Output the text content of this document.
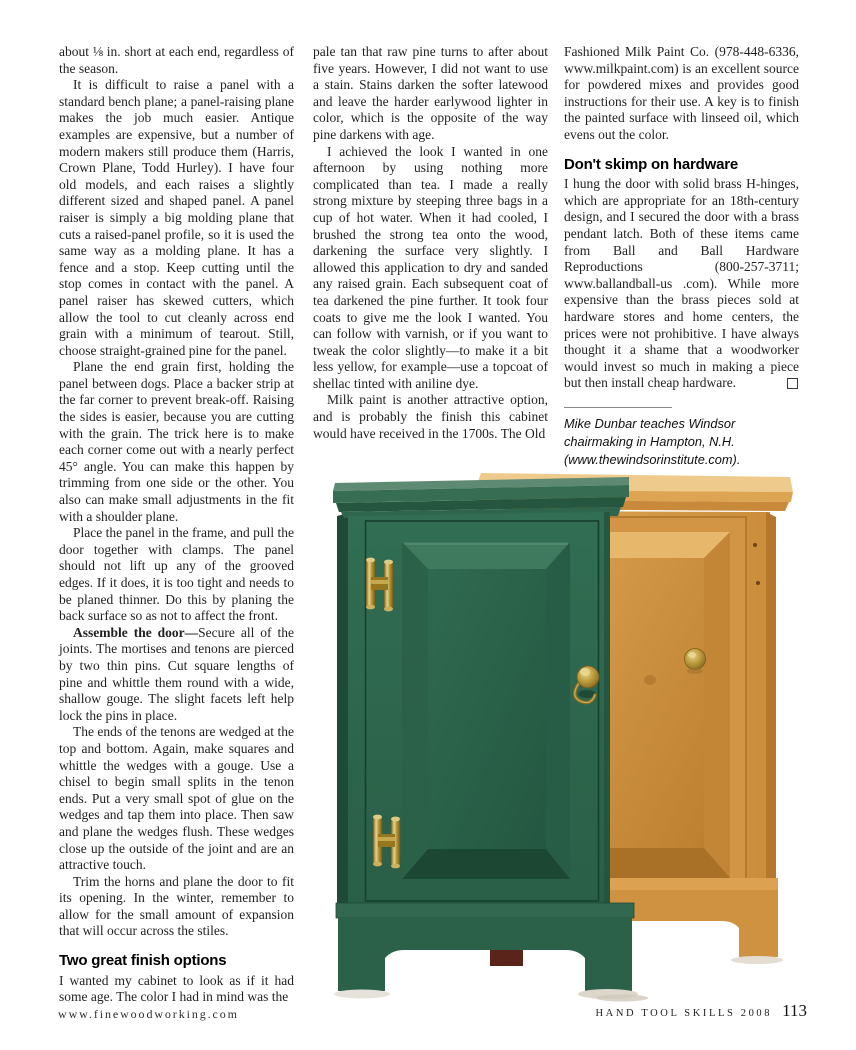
about ⅛ in. short at each end, regardless of the season.

It is difficult to raise a panel with a standard bench plane; a panel-raising plane makes the job much easier. Antique examples are expensive, but a number of modern makers still produce them (Harris, Crown Plane, Todd Hurley). I have four old models, and each raises a slightly different sized and shaped panel. A panel raiser is simply a big molding plane that cuts a raised-panel profile, so it is used the same way as a molding plane. It has a fence and a stop. Keep cutting until the stop comes in contact with the panel. A panel raiser has skewed cutters, which allow the tool to cut cleanly across end grain with a minimum of tearout. Still, choose straight-grained pine for the panel.

Plane the end grain first, holding the panel between dogs. Place a backer strip at the far corner to prevent break-off. Raising the sides is easier, because you are cutting with the grain. The trick here is to make each corner come out with a nearly perfect 45° angle. You can make this happen by trimming from one side or the other. You also can make small adjustments in the fit with a shoulder plane.

Place the panel in the frame, and pull the door together with clamps. The panel should not lift up any of the grooved edges. If it does, it is too tight and needs to be planed thinner. Do this by planing the back surface so as not to affect the front.

Assemble the door—Secure all of the joints. The mortises and tenons are pierced by two thin pins. Cut square lengths of pine and whittle them round with a wide, shallow gouge. The slight facets left help lock the pins in place.

The ends of the tenons are wedged at the top and bottom. Again, make squares and whittle the wedges with a gouge. Use a chisel to begin small splits in the tenon ends. Put a very small spot of glue on the wedges and tap them into place. Then saw and plane the wedges flush. These wedges close up the outside of the joint and are an attractive touch.

Trim the horns and plane the door to fit its opening. In the winter, remember to allow for the small amount of expansion that will occur across the stiles.

Two great finish options

I wanted my cabinet to look as if it had some age. The color I had in mind was the

pale tan that raw pine turns to after about five years. However, I did not want to use a stain. Stains darken the softer latewood and leave the harder earlywood lighter in color, which is the opposite of the way pine darkens with age.

I achieved the look I wanted in one afternoon by using nothing more complicated than tea. I made a really strong mixture by steeping three bags in a cup of hot water. When it had cooled, I brushed the strong tea onto the wood, darkening the surface very slightly. I allowed this application to dry and sanded any raised grain. Each subsequent coat of tea darkened the pine further. It took four coats to give me the look I wanted. You can follow with varnish, or if you want to tweak the color slightly—to make it a bit less yellow, for example—use a topcoat of shellac tinted with aniline dye.

Milk paint is another attractive option, and is probably the finish this cabinet would have received in the 1700s. The Old

Fashioned Milk Paint Co. (978-448-6336, www.milkpaint.com) is an excellent source for powdered mixes and provides good instructions for their use. A key is to finish the painted surface with linseed oil, which evens out the color.

Don't skimp on hardware

I hung the door with solid brass H-hinges, which are appropriate for an 18th-century design, and I secured the door with a brass pendant latch. Both of these items came from Ball and Ball Hardware Reproductions (800-257-3711; www.ballandball-us .com). While more expensive than the brass pieces sold at hardware stores and home centers, the prices were not prohibitive. I have always thought it a shame that a woodworker would invest so much in making a piece but then install cheap hardware.

Mike Dunbar teaches Windsor chairmaking in Hampton, N.H. (www.thewindsorinstitute.com).

www.finewoodworking.com	HAND TOOL SKILLS 2008 113
